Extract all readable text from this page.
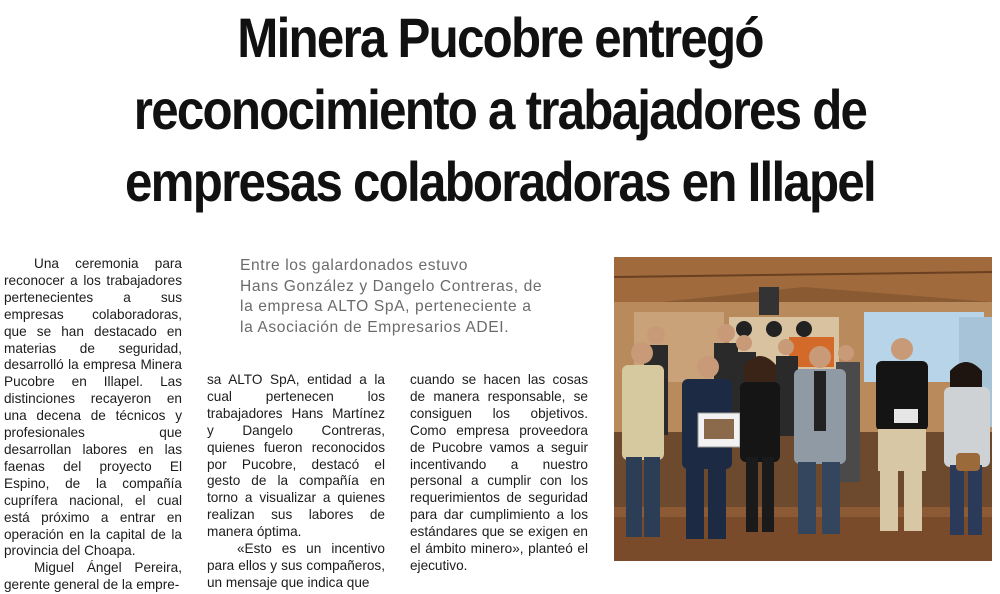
Minera Pucobre entregó
reconocimiento a trabajadores de
empresas colaboradoras en Illapel

Una ceremonia para reconocer a los trabajadores pertenecientes a sus empresas colaboradoras, que se han destacado en materias de seguridad, desarrolló la empresa Minera Pucobre en Illapel. Las distinciones recayeron en una decena de técnicos y profesionales que desarrollan labores en las faenas del proyecto El Espino, de la compañía cuprífera nacional, el cual está próximo a entrar en operación en la capital de la provincia del Choapa.

Miguel Ángel Pereira, gerente general de la empre-

Entre los galardonados estuvo
Hans González y Dangelo Contreras, de
la empresa ALTO SpA, perteneciente a
la Asociación de Empresarios ADEI.

sa ALTO SpA, entidad a la cual pertenecen los trabajadores Hans Martínez y Dangelo Contreras, quienes fueron reconocidos por Pucobre, destacó el gesto de la compañía en torno a visualizar a quienes realizan sus labores de manera óptima.

«Esto es un incentivo para ellos y sus compañeros, un mensaje que indica que

cuando se hacen las cosas de manera responsable, se consiguen los objetivos. Como empresa proveedora de Pucobre vamos a seguir incentivando a nuestro personal a cumplir con los requerimientos de seguridad para dar cumplimiento a los estándares que se exigen en el ámbito minero», planteó el ejecutivo.
